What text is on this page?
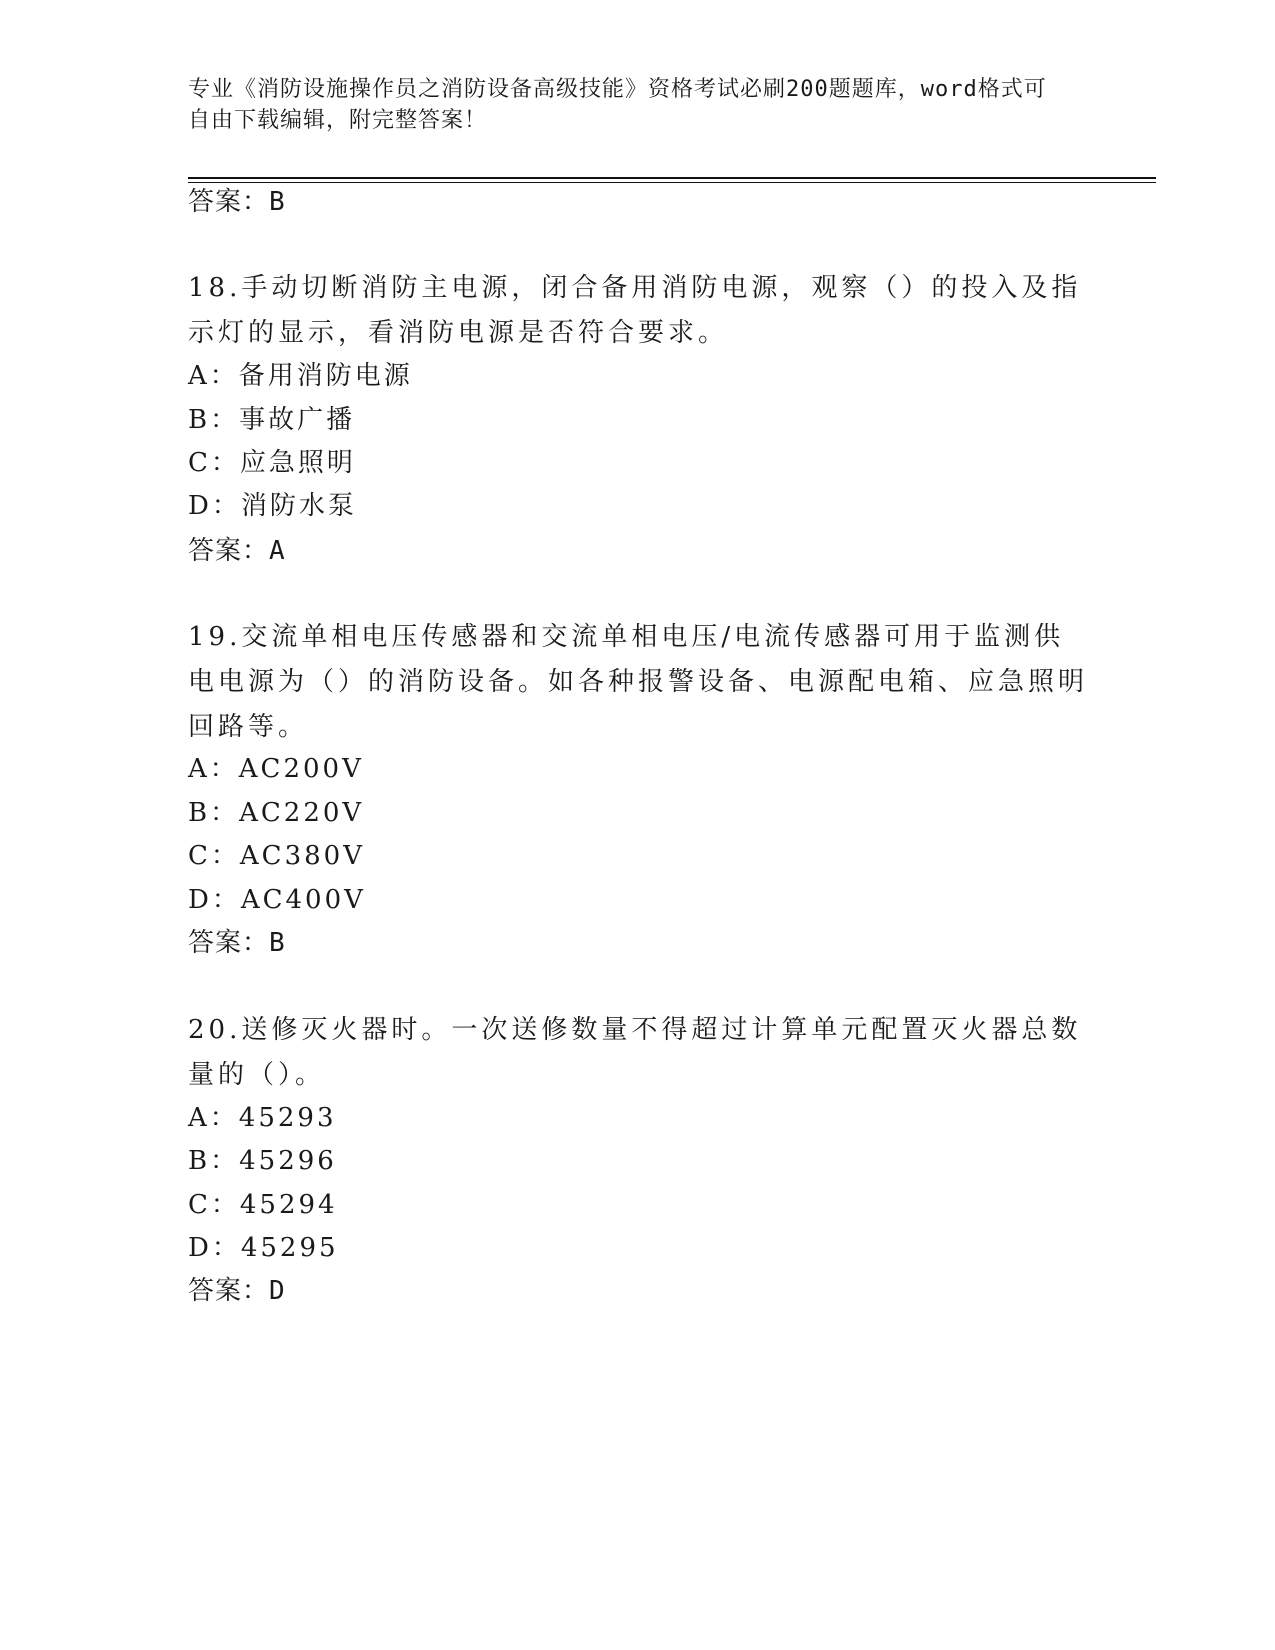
专业《消防设施操作员之消防设备高级技能》资格考试必刷200题题库，word格式可自由下载编辑，附完整答案！
答案：B
18.手动切断消防主电源，闭合备用消防电源，观察（）的投入及指示灯的显示，看消防电源是否符合要求。
A：备用消防电源
B：事故广播
C：应急照明
D：消防水泵
答案：A
19.交流单相电压传感器和交流单相电压/电流传感器可用于监测供电电源为（）的消防设备。如各种报警设备、电源配电箱、应急照明回路等。
A：AC200V
B：AC220V
C：AC380V
D：AC400V
答案：B
20.送修灭火器时。一次送修数量不得超过计算单元配置灭火器总数量的（）。
A：45293
B：45296
C：45294
D：45295
答案：D
